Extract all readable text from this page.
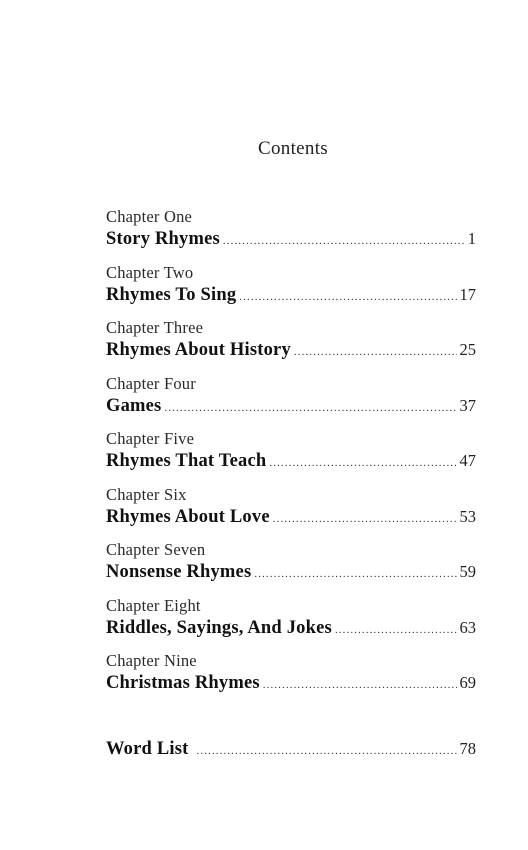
Contents
Chapter One
Story Rhymes .....	1
Chapter Two
Rhymes To Sing .....	17
Chapter Three
Rhymes About History .....	25
Chapter Four
Games .....	37
Chapter Five
Rhymes That Teach .....	47
Chapter Six
Rhymes About Love .....	53
Chapter Seven
Nonsense Rhymes .....	59
Chapter Eight
Riddles, Sayings, And Jokes .....	63
Chapter Nine
Christmas Rhymes .....	69
Word List .....	78
